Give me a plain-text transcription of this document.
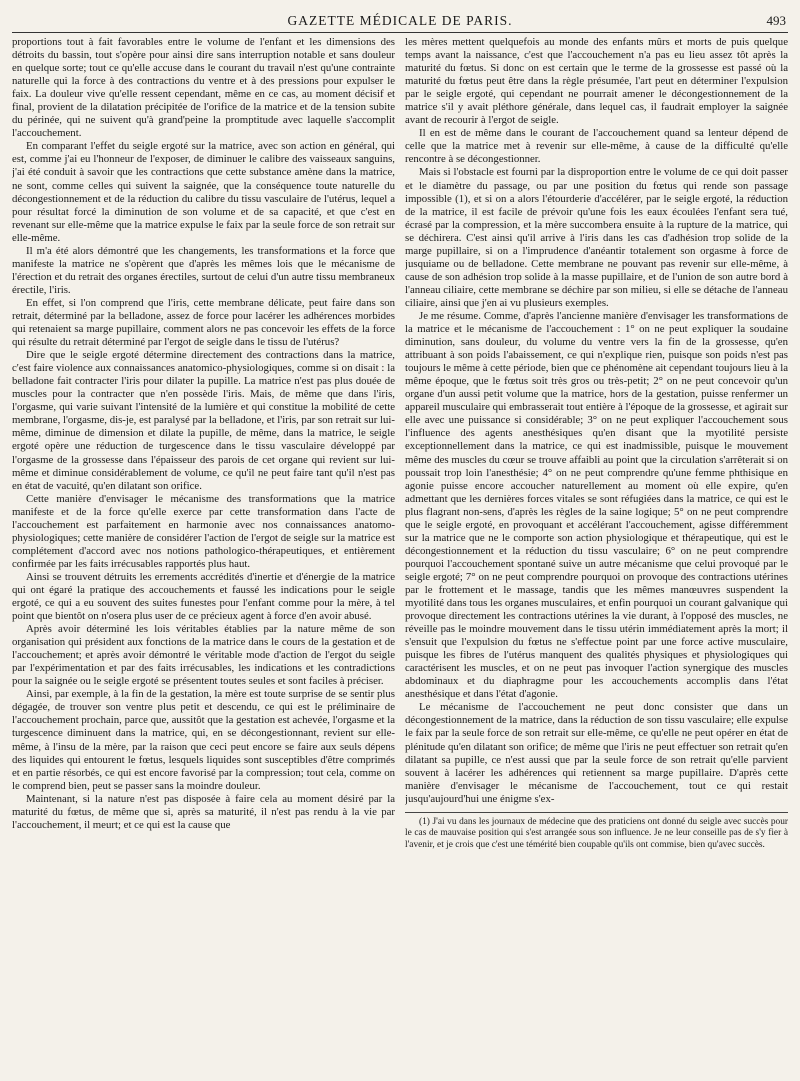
GAZETTE MÉDICALE DE PARIS.	493

proportions tout à fait favorables entre le volume de l'enfant et les dimensions des détroits du bassin, tout s'opère pour ainsi dire sans interruption notable et sans douleur en quelque sorte; tout ce qu'elle accuse dans le courant du travail n'est qu'une contrainte naturelle qui la force à des contractions du ventre et à des pressions pour expulser le faix. La douleur vive qu'elle ressent cependant, même en ce cas, au moment décisif et final, provient de la dilatation précipitée de l'orifice de la matrice et de la tension subite du périnée, qui ne suivent qu'à grand'peine la promptitude avec laquelle s'accomplit l'accouchement.

En comparant l'effet du seigle ergoté sur la matrice, avec son action en général, qui est, comme j'ai eu l'honneur de l'exposer, de diminuer le calibre des vaisseaux sanguins, j'ai été conduit à savoir que les contractions que cette substance amène dans la matrice, ne sont, comme celles qui suivent la saignée, que la conséquence toute naturelle du décongestionnement et de la réduction du calibre du tissu vasculaire de l'utérus, lequel a pour résultat forcé la diminution de son volume et de sa capacité, et que c'est en revenant sur elle-même que la matrice expulse le faix par la seule force de son retrait sur elle-même.

Il m'a été alors démontré que les changements, les transformations et la force que manifeste la matrice ne s'opèrent que d'après les mêmes lois que le mécanisme de l'érection et du retrait des organes érectiles, surtout de celui d'un autre tissu membraneux érectile, l'iris.

En effet, si l'on comprend que l'iris, cette membrane délicate, peut faire dans son retrait, déterminé par la belladone, assez de force pour lacérer les adhérences morbides qui retenaient sa marge pupillaire, comment alors ne pas concevoir les effets de la force qui résulte du retrait déterminé par l'ergot de seigle dans le tissu de l'utérus?

Dire que le seigle ergoté détermine directement des contractions dans la matrice, c'est faire violence aux connaissances anatomico-physiologiques, comme si on disait : la belladone fait contracter l'iris pour dilater la pupille. La matrice n'est pas plus douée de muscles pour la contracter que n'en possède l'iris. Mais, de même que dans l'iris, l'orgasme, qui varie suivant l'intensité de la lumière et qui constitue la mobilité de cette membrane, l'orgasme, dis-je, est paralysé par la belladone, et l'iris, par son retrait sur lui-même, diminue de dimension et dilate la pupille, de même, dans la matrice, le seigle ergoté opère une réduction de turgescence dans le tissu vasculaire développé par l'orgasme de la grossesse dans l'épaisseur des parois de cet organe qui revient sur lui-même et diminue considérablement de volume, ce qu'il ne peut faire tant qu'il n'est pas en état de vacuité, qu'en dilatant son orifice.

Cette manière d'envisager le mécanisme des transformations que la matrice manifeste et de la force qu'elle exerce par cette transformation dans l'acte de l'accouchement est parfaitement en harmonie avec nos connaissances anatomo-physiologiques; cette manière de considérer l'action de l'ergot de seigle sur la matrice est complétement d'accord avec nos notions pathologico-thérapeutiques, et entièrement confirmée par les faits irrécusables rapportés plus haut.

Ainsi se trouvent détruits les errements accrédités d'inertie et d'énergie de la matrice qui ont égaré la pratique des accouchements et faussé les indications pour le seigle ergoté, ce qui a eu souvent des suites funestes pour l'enfant comme pour la mère, à tel point que bientôt on n'osera plus user de ce précieux agent à force d'en avoir abusé.

Après avoir déterminé les lois véritables établies par la nature même de son organisation qui président aux fonctions de la matrice dans le cours de la gestation et de l'accouchement; et après avoir démontré le véritable mode d'action de l'ergot du seigle par l'expérimentation et par des faits irrécusables, les indications et les contradictions pour la saignée ou le seigle ergoté se présentent toutes seules et sont faciles à préciser.

Ainsi, par exemple, à la fin de la gestation, la mère est toute surprise de se sentir plus dégagée, de trouver son ventre plus petit et descendu, ce qui est le préliminaire de l'accouchement prochain, parce que, aussitôt que la gestation est achevée, l'orgasme et la turgescence diminuent dans la matrice, qui, en se décongestionnant, revient sur elle-même, à l'insu de la mère, par la raison que ceci peut encore se faire aux seuls dépens des liquides qui entourent le fœtus, lesquels liquides sont susceptibles d'être comprimés et en partie résorbés, ce qui est encore favorisé par la compression; tout cela, comme on le comprend bien, peut se passer sans la moindre douleur.

Maintenant, si la nature n'est pas disposée à faire cela au moment désiré par la maturité du fœtus, de même que si, après sa maturité, il n'est pas rendu à la vie par l'accouchement, il meurt; et ce qui est la cause que

les mères mettent quelquefois au monde des enfants mûrs et morts de puis quelque temps avant la naissance, c'est que l'accouchement n'a pas eu lieu assez tôt après la maturité du fœtus. Si donc on est certain que le terme de la grossesse est passé où la maturité du fœtus peut être dans la règle présumée, l'art peut en déterminer l'expulsion par le seigle ergoté, qui cependant ne pourrait amener le décongestionnement de la matrice s'il y avait pléthore générale, dans lequel cas, il faudrait employer la saignée avant de recourir à l'ergot de seigle.

Il en est de même dans le courant de l'accouchement quand sa lenteur dépend de celle que la matrice met à revenir sur elle-même, à cause de la difficulté qu'elle rencontre à se décongestionner.

Mais si l'obstacle est fourni par la disproportion entre le volume de ce qui doit passer et le diamètre du passage, ou par une position du fœtus qui rende son passage impossible (1), et si on a alors l'étourderie d'accélérer, par le seigle ergoté, la réduction de la matrice, il est facile de prévoir qu'une fois les eaux écoulées l'enfant sera tué, écrasé par la compression, et la mère succombera ensuite à la rupture de la matrice, qui se déchirera. C'est ainsi qu'il arrive à l'iris dans les cas d'adhésion trop solide de la marge pupillaire, si on a l'imprudence d'anéantir totalement son orgasme à force de jusquiame ou de belladone. Cette membrane ne pouvant pas revenir sur elle-même, à cause de son adhésion trop solide à la masse pupillaire, et de l'union de son autre bord à l'anneau ciliaire, cette membrane se déchire par son milieu, si elle se détache de l'anneau ciliaire, ainsi que j'en ai vu plusieurs exemples.

Je me résume. Comme, d'après l'ancienne manière d'envisager les transformations de la matrice et le mécanisme de l'accouchement : 1° on ne peut expliquer la soudaine diminution, sans douleur, du volume du ventre vers la fin de la grossesse, qu'en attribuant à son poids l'abaissement, ce qui n'explique rien, puisque son poids n'est pas toujours le même à cette période, bien que ce phénomène ait cependant toujours lieu à la même époque, que le fœtus soit très gros ou très-petit; 2° on ne peut concevoir qu'un organe d'un aussi petit volume que la matrice, hors de la gestation, puisse renfermer un appareil musculaire qui embrasserait tout entière à l'époque de la grossesse, et agirait sur elle avec une puissance si considérable; 3° on ne peut expliquer l'accouchement sous l'influence des agents anesthésiques qu'en disant que la myotilité persiste exceptionnellement dans la matrice, ce qui est inadmissible, puisque le mouvement même des muscles du cœur se trouve affaibli au point que la circulation s'arrêterait si on poussait trop loin l'anesthésie; 4° on ne peut comprendre qu'une femme phthisique en agonie puisse encore accoucher naturellement au moment où elle expire, qu'en admettant que les dernières forces vitales se sont réfugiées dans la matrice, ce qui est le plus flagrant non-sens, d'après les règles de la saine logique; 5° on ne peut comprendre que le seigle ergoté, en provoquant et accélérant l'accouchement, agisse différemment sur la matrice que ne le comporte son action physiologique et thérapeutique, qui est le décongestionnement et la réduction du tissu vasculaire; 6° on ne peut comprendre pourquoi l'accouchement spontané suive un autre mécanisme que celui provoqué par le seigle ergoté; 7° on ne peut comprendre pourquoi on provoque des contractions utérines par le frottement et le massage, tandis que les mêmes manœuvres suspendent la myotilité dans tous les organes musculaires, et enfin pourquoi un courant galvanique qui provoque directement les contractions utérines la vie durant, à l'opposé des muscles, ne réveille pas le moindre mouvement dans le tissu utérin immédiatement après la mort; il s'ensuit que l'expulsion du fœtus ne s'effectue point par une force active musculaire, puisque les fibres de l'utérus manquent des qualités physiques et physiologiques qui caractérisent les muscles, et on ne peut pas invoquer l'action synergique des muscles abdominaux et du diaphragme pour les accouchements accomplis dans l'état anesthésique et dans l'état d'agonie.

Le mécanisme de l'accouchement ne peut donc consister que dans un décongestionnement de la matrice, dans la réduction de son tissu vasculaire; elle expulse le faix par la seule force de son retrait sur elle-même, ce qu'elle ne peut opérer en état de plénitude qu'en dilatant son orifice; de même que l'iris ne peut effectuer son retrait qu'en dilatant sa pupille, ce n'est aussi que par la seule force de son retrait qu'elle parvient souvent à lacérer les adhérences qui retiennent sa marge pupillaire. D'après cette manière d'envisager le mécanisme de l'accouchement, tout ce qui restait jusqu'aujourd'hui une énigme s'ex-

(1) J'ai vu dans les journaux de médecine que des praticiens ont donné du seigle avec succès pour le cas de mauvaise position qui s'est arrangée sous son influence. Je ne leur conseille pas de s'y fier à l'avenir, et je crois que c'est une témérité bien coupable qu'ils ont commise, bien qu'avec succès.
